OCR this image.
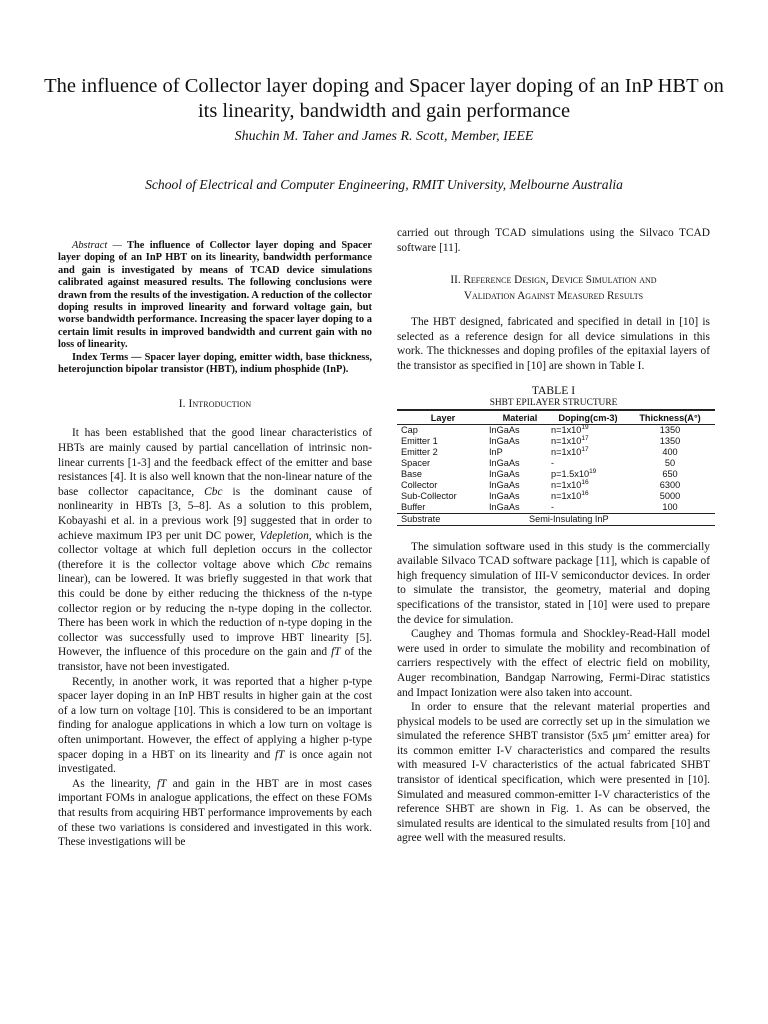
The influence of Collector layer doping and Spacer layer doping of an InP HBT on its linearity, bandwidth and gain performance
Shuchin M. Taher and James R. Scott, Member, IEEE
School of Electrical and Computer Engineering, RMIT University, Melbourne Australia

Abstract — The influence of Collector layer doping and Spacer layer doping of an InP HBT on its linearity, bandwidth performance and gain is investigated by means of TCAD device simulations calibrated against measured results. The following conclusions were drawn from the results of the investigation. A reduction of the collector doping results in improved linearity and forward voltage gain, but worse bandwidth performance. Increasing the spacer layer doping to a certain limit results in improved bandwidth and current gain with no loss of linearity.

Index Terms — Spacer layer doping, emitter width, base thickness, heterojunction bipolar transistor (HBT), indium phosphide (InP).

I. Introduction

It has been established that the good linear characteristics of HBTs are mainly caused by partial cancellation of intrinsic non-linear currents [1-3] and the feedback effect of the emitter and base resistances [4]. It is also well known that the non-linear nature of the base collector capacitance, Cbc is the dominant cause of nonlinearity in HBTs [3, 5–8]. As a solution to this problem, Kobayashi et al. in a previous work [9] suggested that in order to achieve maximum IP3 per unit DC power, Vdepletion, which is the collector voltage at which full depletion occurs in the collector (therefore it is the collector voltage above which Cbc remains linear), can be lowered. It was briefly suggested in that work that this could be done by either reducing the thickness of the n-type collector region or by reducing the n-type doping in the collector. There has been work in which the reduction of n-type doping in the collector was successfully used to improve HBT linearity [5]. However, the influence of this procedure on the gain and fT of the transistor, have not been investigated.

Recently, in another work, it was reported that a higher p-type spacer layer doping in an InP HBT results in higher gain at the cost of a low turn on voltage [10]. This is considered to be an important finding for analogue applications in which a low turn on voltage is often unimportant. However, the effect of applying a higher p-type spacer doping in a HBT on its linearity and fT is once again not investigated.

As the linearity, fT and gain in the HBT are in most cases important FOMs in analogue applications, the effect on these FOMs that results from acquiring HBT performance improvements by each of these two variations is considered and investigated in this work. These investigations will be

carried out through TCAD simulations using the Silvaco TCAD software [11].

II. Reference Design, Device Simulation and
Validation Against Measured Results

The HBT designed, fabricated and specified in detail in [10] is selected as a reference design for all device simulations in this work. The thicknesses and doping profiles of the epitaxial layers of the transistor as specified in [10] are shown in Table I.

TABLE I
SHBT EPILAYER STRUCTURE
Layer	Material	Doping(cm-3)	Thickness(A°)
Cap	InGaAs	$n=1x10^{19}$	1350
Emitter 1	InGaAs	$n=1x10^{17}$	1350
Emitter 2	InP	$n=1x10^{17}$	400
Spacer	InGaAs	-	50
Base	InGaAs	$p=1.5x10^{19}$	650
Collector	InGaAs	$n=1x10^{16}$	6300
Sub-Collector	InGaAs	$n=1x10^{16}$	5000
Buffer	InGaAs	-	100
Substrate	Semi-Insulating InP		

The simulation software used in this study is the commercially available Silvaco TCAD software package [11], which is capable of high frequency simulation of III-V semiconductor devices. In order to simulate the transistor, the geometry, material and doping specifications of the transistor, stated in [10] were used to prepare the device for simulation.

Caughey and Thomas formula and Shockley-Read-Hall model were used in order to simulate the mobility and recombination of carriers respectively with the effect of electric field on mobility, Auger recombination, Bandgap Narrowing, Fermi-Dirac statistics and Impact Ionization were also taken into account.

In order to ensure that the relevant material properties and physical models to be used are correctly set up in the simulation we simulated the reference SHBT transistor (5x5 $\mu m^2$ emitter area) for its common emitter I-V characteristics and compared the results with measured I-V characteristics of the actual fabricated SHBT transistor of identical specification, which were presented in [10]. Simulated and measured common-emitter I-V characteristics of the reference SHBT are shown in Fig. 1. As can be observed, the simulated results are identical to the simulated results from [10] and agree well with the measured results.
